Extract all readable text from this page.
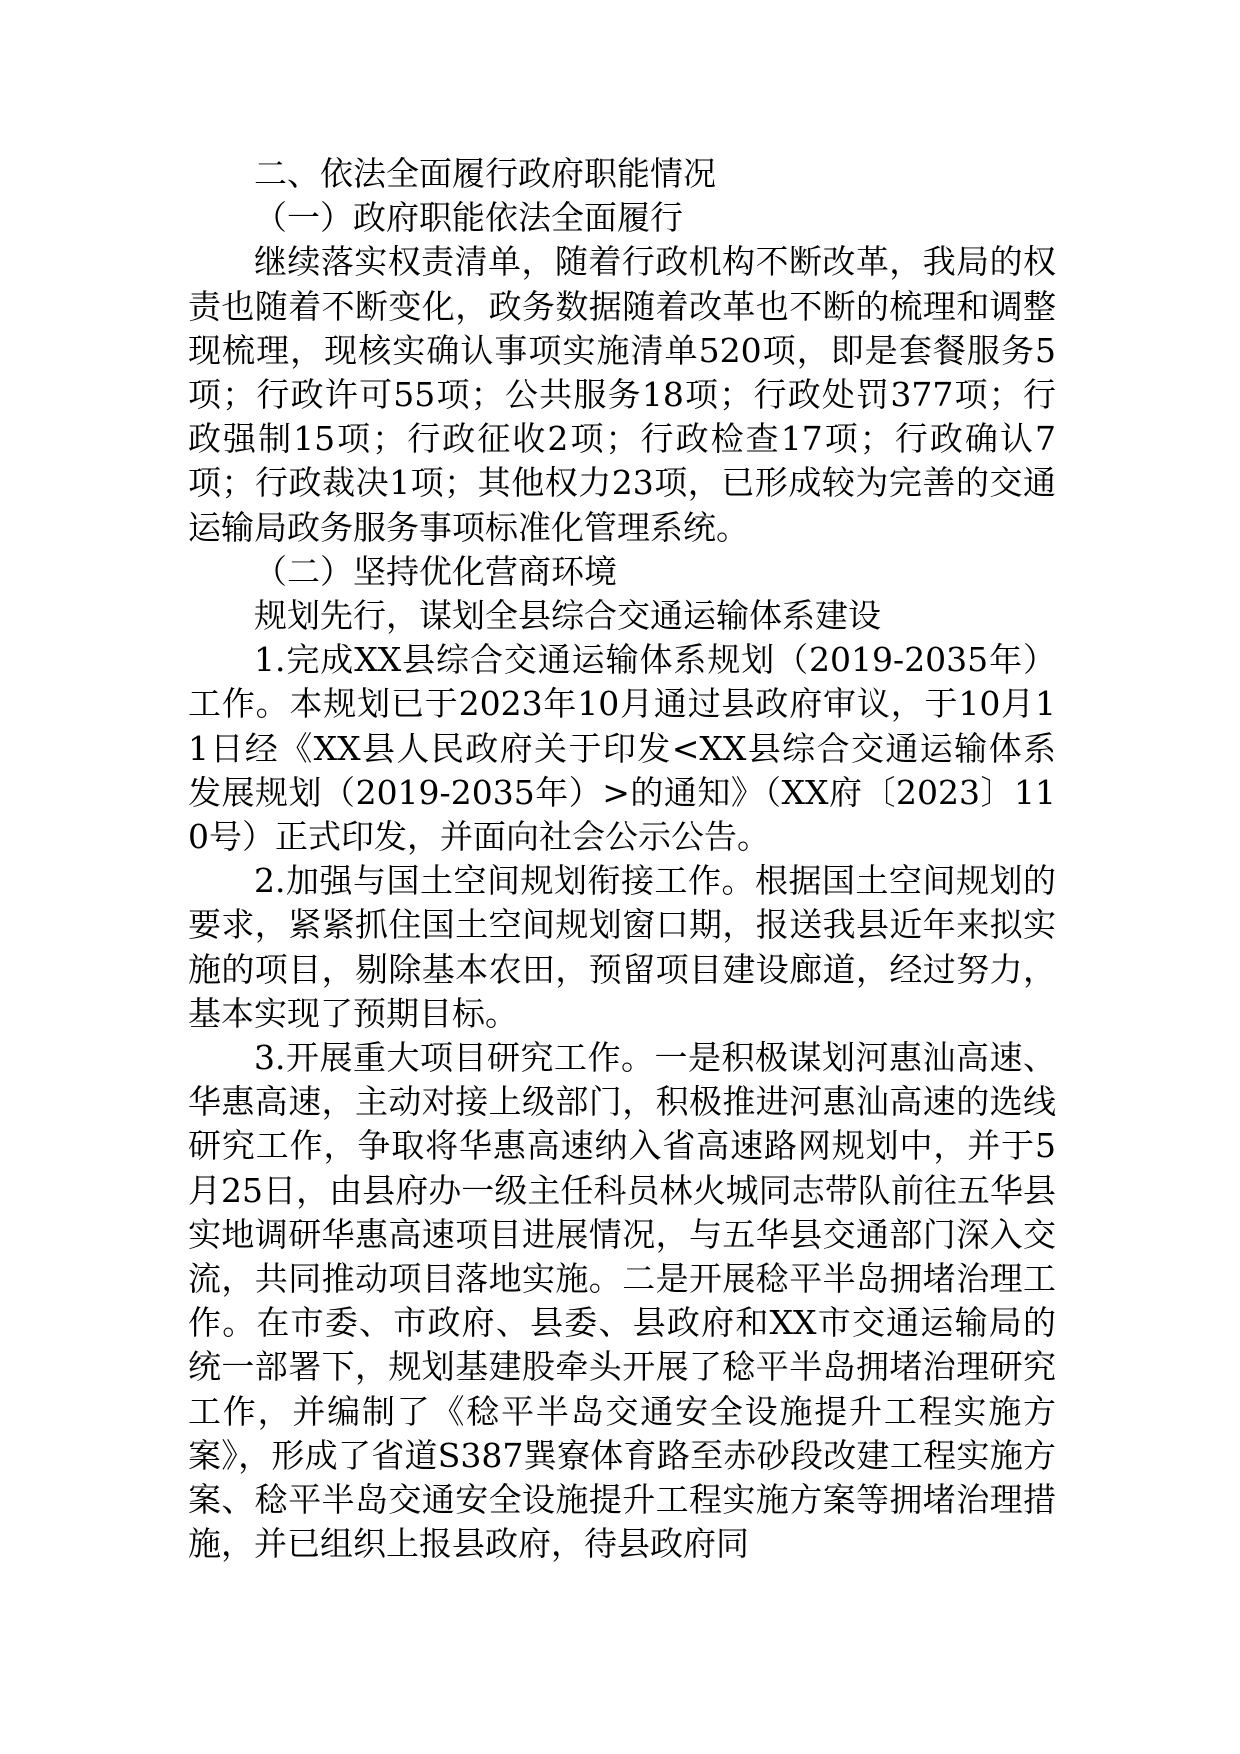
二、依法全面履行政府职能情况

（一）政府职能依法全面履行

继续落实权责清单，随着行政机构不断改革，我局的权责也随着不断变化，政务数据随着改革也不断的梳理和调整现梳理，现核实确认事项实施清单520项，即是套餐服务5项；行政许可55项；公共服务18项；行政处罚377项；行政强制15项；行政征收2项；行政检查17项；行政确认7项；行政裁决1项；其他权力23项，已形成较为完善的交通运输局政务服务事项标准化管理系统。

（二）坚持优化营商环境

规划先行，谋划全县综合交通运输体系建设

1.完成XX县综合交通运输体系规划（2019-2035年）工作。本规划已于2023年10月通过县政府审议，于10月11日经《XX县人民政府关于印发<XX县综合交通运输体系发展规划（2019-2035年）>的通知》（XX府〔2023〕110号）正式印发，并面向社会公示公告。

2.加强与国土空间规划衔接工作。根据国土空间规划的要求，紧紧抓住国土空间规划窗口期，报送我县近年来拟实施的项目，剔除基本农田，预留项目建设廊道，经过努力，基本实现了预期目标。

3.开展重大项目研究工作。一是积极谋划河惠汕高速、华惠高速，主动对接上级部门，积极推进河惠汕高速的选线研究工作，争取将华惠高速纳入省高速路网规划中，并于5月25日，由县府办一级主任科员林火城同志带队前往五华县实地调研华惠高速项目进展情况，与五华县交通部门深入交流，共同推动项目落地实施。二是开展稔平半岛拥堵治理工作。在市委、市政府、县委、县政府和XX市交通运输局的统一部署下，规划基建股牵头开展了稔平半岛拥堵治理研究工作，并编制了《稔平半岛交通安全设施提升工程实施方案》，形成了省道S387巽寮体育路至赤砂段改建工程实施方案、稔平半岛交通安全设施提升工程实施方案等拥堵治理措施，并已组织上报县政府，待县政府同
